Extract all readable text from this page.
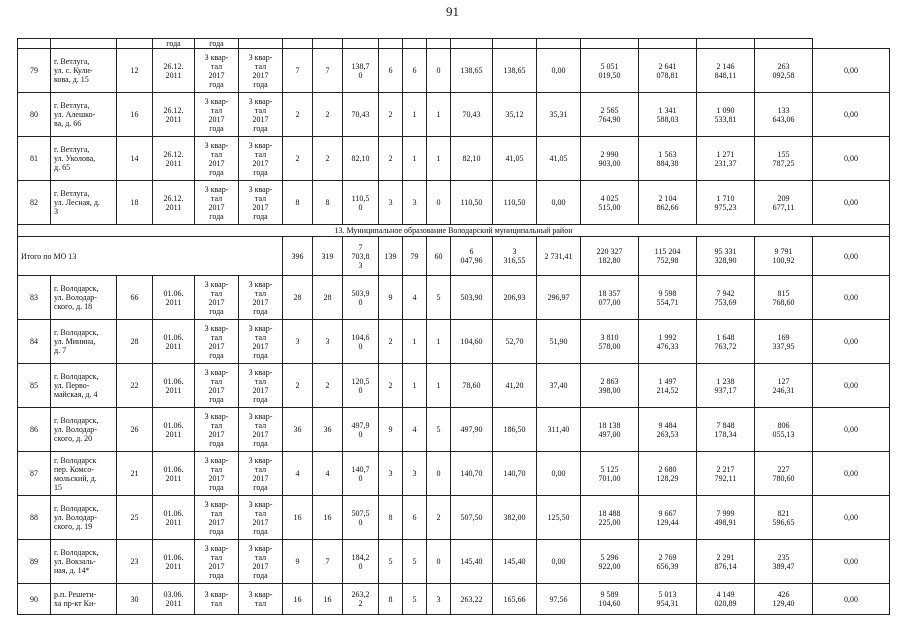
91
			года	года															
79	г. Ветлуга,
ул. с. Кули-
кова, д. 15	12	26.12.
2011	3 квар-
тал
2017
года	3 квар-
тал
2017
года	7	7	138,7
0	6	6	0	138,65	138,65	0,00	5 051
019,50	2 641
078,81	2 146
848,11	263
092,58	0,00
80	г. Ветлуга,
ул. Алешко-
ва, д. 66	16	26.12.
2011	3 квар-
тал
2017
года	3 квар-
тал
2017
года	2	2	70,43	2	1	1	70,43	35,12	35,31	2 565
764,90	1 341
588,03	1 090
533,81	133
643,06	0,00
81	г. Ветлуга,
ул. Уколова,
д. 65	14	26.12.
2011	3 квар-
тал
2017
года	3 квар-
тал
2017
года	2	2	82,10	2	1	1	82,10	41,05	41,05	2 990
903,00	1 563
884,38	1 271
231,37	155
787,25	0,00
82	г. Ветлуга,
ул. Лесная, д.
3	18	26.12.
2011	3 квар-
тал
2017
года	3 квар-
тал
2017
года	8	8	110,5
0	3	3	0	110,50	110,50	0,00	4 025
515,00	2 104
862,66	1 710
975,23	209
677,11	0,00
13. Муниципальное образование Володарский муниципальный район																			
Итого по МО 13						396	319	7
703,8
3	139	79	60	6
047,96	3
316,55	2 731,41	220 327
182,80	115 204
752,98	95 331
328,90	9 791
100,92	0,00
83	г. Володарск,
ул. Володар-
ского, д. 18	66	01.06.
2011	3 квар-
тал
2017
года	3 квар-
тал
2017
года	28	28	503,9
0	9	4	5	503,90	206,93	296,97	18 357
077,00	9 598
554,71	7 942
753,69	815
768,60	0,00
84	г. Володарск,
ул. Минина,
д. 7	28	01.06.
2011	3 квар-
тал
2017
года	3 квар-
тал
2017
года	3	3	104,6
0	2	1	1	104,60	52,70	51,90	3 810
578,00	1 992
476,33	1 648
763,72	169
337,95	0,00
85	г. Володарск,
ул. Перво-
майская, д. 4	22	01.06.
2011	3 квар-
тал
2017
года	3 квар-
тал
2017
года	2	2	120,5
0	2	1	1	78,60	41,20	37,40	2 863
398,00	1 497
214,52	1 238
937,17	127
246,31	0,00
86	г. Володарск,
ул. Володар-
ского, д. 20	26	01.06.
2011	3 квар-
тал
2017
года	3 квар-
тал
2017
года	36	36	497,9
0	9	4	5	497,90	186,50	311,40	18 138
497,00	9 484
263,53	7 848
178,34	806
055,13	0,00
87	г. Володарск
пер. Комсо-
мольский, д.
15	21	01.06.
2011	3 квар-
тал
2017
года	3 квар-
тал
2017
года	4	4	140,7
0	3	3	0	140,70	140,70	0,00	5 125
701,00	2 680
128,29	2 217
792,11	227
780,60	0,00
88	г. Володарск,
ул. Володар-
ского, д. 19	25	01.06.
2011	3 квар-
тал
2017
года	3 квар-
тал
2017
года	16	16	507,5
0	8	6	2	507,50	382,00	125,50	18 488
225,00	9 667
129,44	7 999
498,91	821
596,65	0,00
89	г. Володарск,
ул. Вокзаль-
ная, д. 14*	23	01.06.
2011	3 квар-
тал
2017
года	3 квар-
тал
2017
года	9	7	184,2
0	5	5	0	145,40	145,40	0,00	5 296
922,00	2 769
656,39	2 291
876,14	235
389,47	0,00
90	р.п. Решети-
ха пр-кт Ки-	30	03.06.
2011	3 квар-
тал	3 квар-
тал	16	16	263,2
2	8	5	3	263,22	165,66	97,56	9 589
104,60	5 013
954,31	4 149
020,89	426
129,40	0,00
